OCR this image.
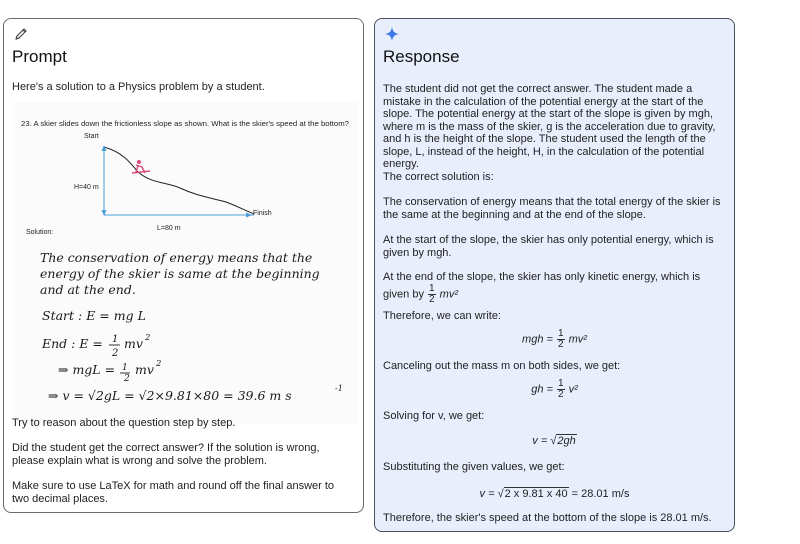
Prompt
Here's a solution to a Physics problem by a student.
23. A skier slides down the frictionless slope as shown. What is the skier's speed at the bottom?
Start
H=40 m
L=80 m
Finish
Solution:
The conservation of energy means that the
energy of the skier is same at the beginning
and at the end.
Start : E = mg L
End : E = 1
2
mv 2
⇒ mgL = 1
2
mv 2
⇒ v = √2gL = √2×9.81×80 = 39.6 m s	-1
Try to reason about the question step by step.
Did the student get the correct answer? If the solution is wrong, please explain what is wrong and solve the problem.
Make sure to use LaTeX for math and round off the final answer to two decimal places.
Response
The student did not get the correct answer. The student made a mistake in the calculation of the potential energy at the start of the slope. The potential energy at the start of the slope is given by mgh, where m is the mass of the skier, g is the acceleration due to gravity, and h is the height of the slope. The student used the length of the slope, L, instead of the height, H, in the calculation of the potential energy.
The correct solution is:
The conservation of energy means that the total energy of the skier is the same at the beginning and at the end of the slope.
At the start of the slope, the skier has only potential energy, which is given by mgh.
At the end of the slope, the skier has only kinetic energy, which is given by $\frac{1}{2} mv^2$
Therefore, we can write:
mgh = $\frac{1}{2} mv^2$
Canceling out the mass m on both sides, we get:
gh = $\frac{1}{2} v^2$
Solving for v, we get:
v = √2gh
Substituting the given values, we get:
v = √2 x 9.81 x 40 = 28.01 m/s
Therefore, the skier's speed at the bottom of the slope is 28.01 m/s.
